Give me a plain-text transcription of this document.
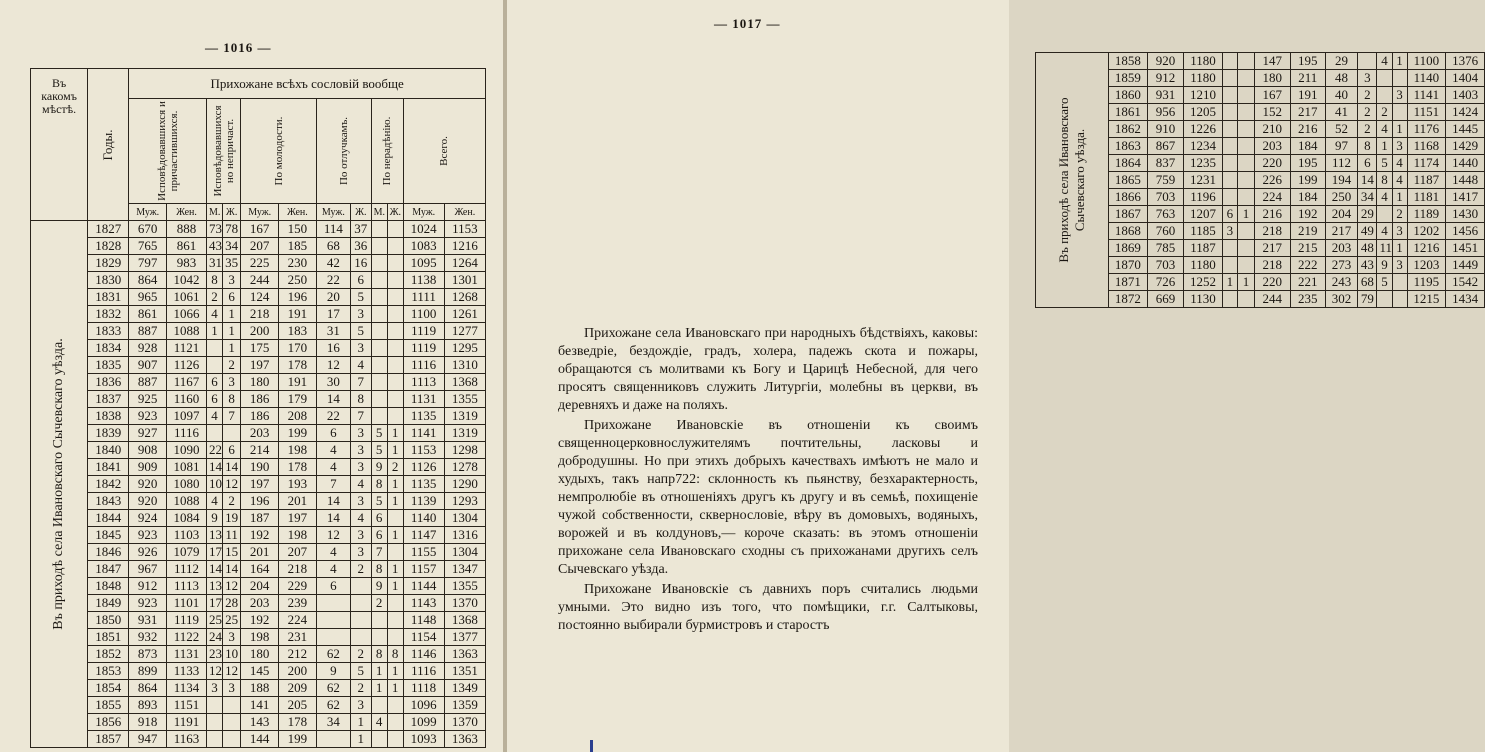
— 1016 —
Въ какомъ мѣстѣ.	Годы.	Прихожане всѣхъ сословій вообще											

		Исповѣдовавшихся и причастившихся.		Исповѣдовавшихся но непричаст.		По молодости.		По отлучкамъ.		По нерадѣнію.		Всего.	

		Муж.	Жен.	М.	Ж.	Муж.	Жен.	Муж.	Ж.	М.	Ж.	Муж.	Жен.

Въ приходѣ села Ивановскаго Сычевскаго уѣзда.	1827	670	888	73	78	167	150	114	37			1024	1153
	1828	765	861	43	34	207	185	68	36			1083	1216
	1829	797	983	31	35	225	230	42	16			1095	1264
	1830	864	1042	8	3	244	250	22	6			1138	1301
	1831	965	1061	2	6	124	196	20	5			1111	1268
	1832	861	1066	4	1	218	191	17	3			1100	1261
	1833	887	1088	1	1	200	183	31	5			1119	1277
	1834	928	1121		1	175	170	16	3			1119	1295
	1835	907	1126		2	197	178	12	4			1116	1310
	1836	887	1167	6	3	180	191	30	7			1113	1368
	1837	925	1160	6	8	186	179	14	8			1131	1355
	1838	923	1097	4	7	186	208	22	7			1135	1319
	1839	927	1116			203	199	6	3	5	1	1141	1319
	1840	908	1090	22	6	214	198	4	3	5	1	1153	1298
	1841	909	1081	14	14	190	178	4	3	9	2	1126	1278
	1842	920	1080	10	12	197	193	7	4	8	1	1135	1290
	1843	920	1088	4	2	196	201	14	3	5	1	1139	1293
	1844	924	1084	9	19	187	197	14	4	6		1140	1304
	1845	923	1103	13	11	192	198	12	3	6	1	1147	1316
	1846	926	1079	17	15	201	207	4	3	7		1155	1304
	1847	967	1112	14	14	164	218	4	2	8	1	1157	1347
	1848	912	1113	13	12	204	229	6		9	1	1144	1355
	1849	923	1101	17	28	203	239			2		1143	1370
	1850	931	1119	25	25	192	224					1148	1368
	1851	932	1122	24	3	198	231					1154	1377
	1852	873	1131	23	10	180	212	62	2	8	8	1146	1363
	1853	899	1133	12	12	145	200	9	5	1	1	1116	1351
	1854	864	1134	3	3	188	209	62	2	1	1	1118	1349
	1855	893	1151			141	205	62	3			1096	1359
	1856	918	1191			143	178	34	1	4		1099	1370
	1857	947	1163			144	199		1			1093	1363
— 1017 —
Въ приходѣ села Ивановскаго Сычевскаго уѣзда.	1858	920	1180			147	195	29		4	1	1100	1376
	1859	912	1180			180	211	48	3			1140	1404
	1860	931	1210			167	191	40	2		3	1141	1403
	1861	956	1205			152	217	41	2	2		1151	1424
	1862	910	1226			210	216	52	2	4	1	1176	1445
	1863	867	1234			203	184	97	8	1	3	1168	1429
	1864	837	1235			220	195	112	6	5	4	1174	1440
	1865	759	1231			226	199	194	14	8	4	1187	1448
	1866	703	1196			224	184	250	34	4	1	1181	1417
	1867	763	1207	6	1	216	192	204	29		2	1189	1430
	1868	760	1185	3		218	219	217	49	4	3	1202	1456
	1869	785	1187			217	215	203	48	11	1	1216	1451
	1870	703	1180			218	222	273	43	9	3	1203	1449
	1871	726	1252	1	1	220	221	243	68	5		1195	1542
	1872	669	1130			244	235	302	79			1215	1434

Прихожане села Ивановскаго при народныхъ бѣдствіяхъ, каковы: безведріе, бездождіе, градъ, холера, падежъ скота и пожары, обращаются съ молитвами къ Богу и Царицѣ Небесной, для чего просятъ священниковъ служить Литургіи, молебны въ церкви, въ деревняхъ и даже на поляхъ.

Прихожане Ивановскіе въ отношеніи къ своимъ священноцерковнослужителямъ почтительны, ласковы и добродушны. Но при этихъ добрыхъ качествахъ имѣютъ не мало и худыхъ, такъ напр722: склонность къ пьянству, безхарактерность, немпролюбіе въ отношеніяхъ другъ къ другу и въ семьѣ, похищеніе чужой собственности, сквернословіе, вѣру въ домовыхъ, водяныхъ, ворожей и въ колдуновъ,— короче сказать: въ этомъ отношеніи прихожане села Ивановскаго сходны съ прихожанами другихъ селъ Сычевскаго уѣзда.

Прихожане Ивановскіе съ давнихъ поръ считались людьми умными. Это видно изъ того, что помѣщики, г.г. Салтыковы, постоянно выбирали бурмистровъ и старостъ
